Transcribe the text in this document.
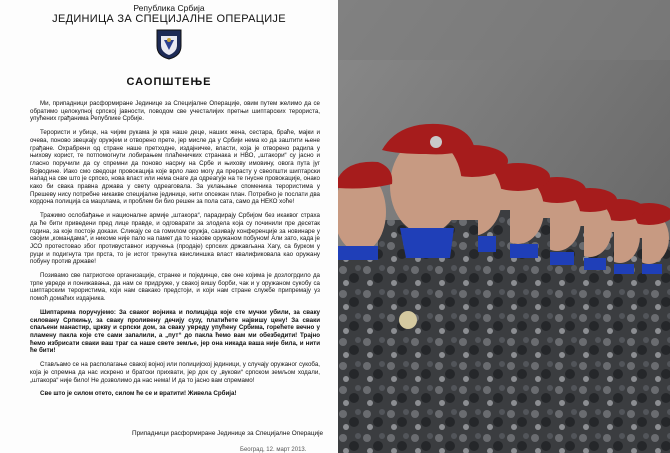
Република Србија
ЈЕДИНИЦА ЗА СПЕЦИЈАЛНЕ ОПЕРАЦИЈЕ
САОПШТЕЊЕ

Ми, припадници расформиране Јединице за Специјалне Операције, овим путем желимо да се обратимо целокупној српској јавности, поводом све учесталијих претњи шиптарских терориста, упућених грађанима Републике Србије.

Терористи и убице, на чијим рукама је крв наше деце, наших жена, сестара, браће, мајки и очева, поново звецкају оружјем и отворено прете, јер мисле да у Србији нема ко да заштити њене грађане. Охрабрени од стране наше претходне, издајничке, власти, која је отворено радила у њихову корист, те потпомогнути лобирањем плаћеничких странака и НВО, „штакори“ су јасно и гласно поручили да су спремни да поново насрну на Србе и њихову имовину, овога пута југ Војводине. Иако смо сведоци провокација које врло лако могу да прерасту у свеопшти шиптарски напад на све што је српско, нова власт или нема снаге да одреагује на те гнусне провокације, онако како би свака правна држава у свету одреаговала. За уклањање споменика терористима у Прешеву нису потребне никакве специјалне јединице, нити опсежан план. Потребно је послати два кордона полиција са мацолама, и проблем би био решен за пола сата, само да НЕКО хоће!

Тражимо ослобађање и националне армије „штакора“, парадирају Србијом без икаквог страха да ће бити приведени пред лице правде, и одговарати за злодела која су починили пре десетак година, за које постоје докази. Сликају се са гомилом оружја, сазивају конференције за новинаре у својим „командама“, и никоме није пало на памет да то назове оружаном побуном! Али зато, када је ЈСО протестовао због противуставног изручења (продаје) српских држављана Хагу, са бурком у руци и подигнута три прста, то је истог тренутка квислиншка власт квалификовала као оружану побуну против државе!

Позивамо све патриотске организације, странке и појединце, све оне којима је дозлогрдило да трпе увреде и понижавања, да нам се придруже, у свакој вишу борби, чак и у оружаном сукобу са шиптарским терористима, који нам свакако предстоји, и који нам стране службе припремају уз помоћ домаћих издајника.

Шиптарима поручујемо: За сваког војника и полицајца које сте мучки убили, за сваку силовану Српкињу, за сваку проливену дечију сузу, платићете највишу цену! За сваки спаљени манастир, цркву и српски дом, за сваку увреду упућену Србима, горећете вечно у пламену пакла које сте сами запалили, а „пут“ до пакла ћемо вам ми обезбедити! Трајно ћемо избрисати сваки ваш траг са наше свете земље, јер она никада ваша није била, и нити ће бити!

Стављамо се на располагање свакој војној или полицијској јединици, у случају оружаног сукоба, која је спремна да нас искрено и братски прихвати, јер док су „вукови“ српском земљом ходали, „штакора“ није било! Не дозволимо да нас нема! И да то јасно вам спремамо!

Све што је силом отето, силом ће се и вратити! Живела Србија!

Припадници расформиране Јединице за Специјалне Операције
Београд, 12. март 2013.
